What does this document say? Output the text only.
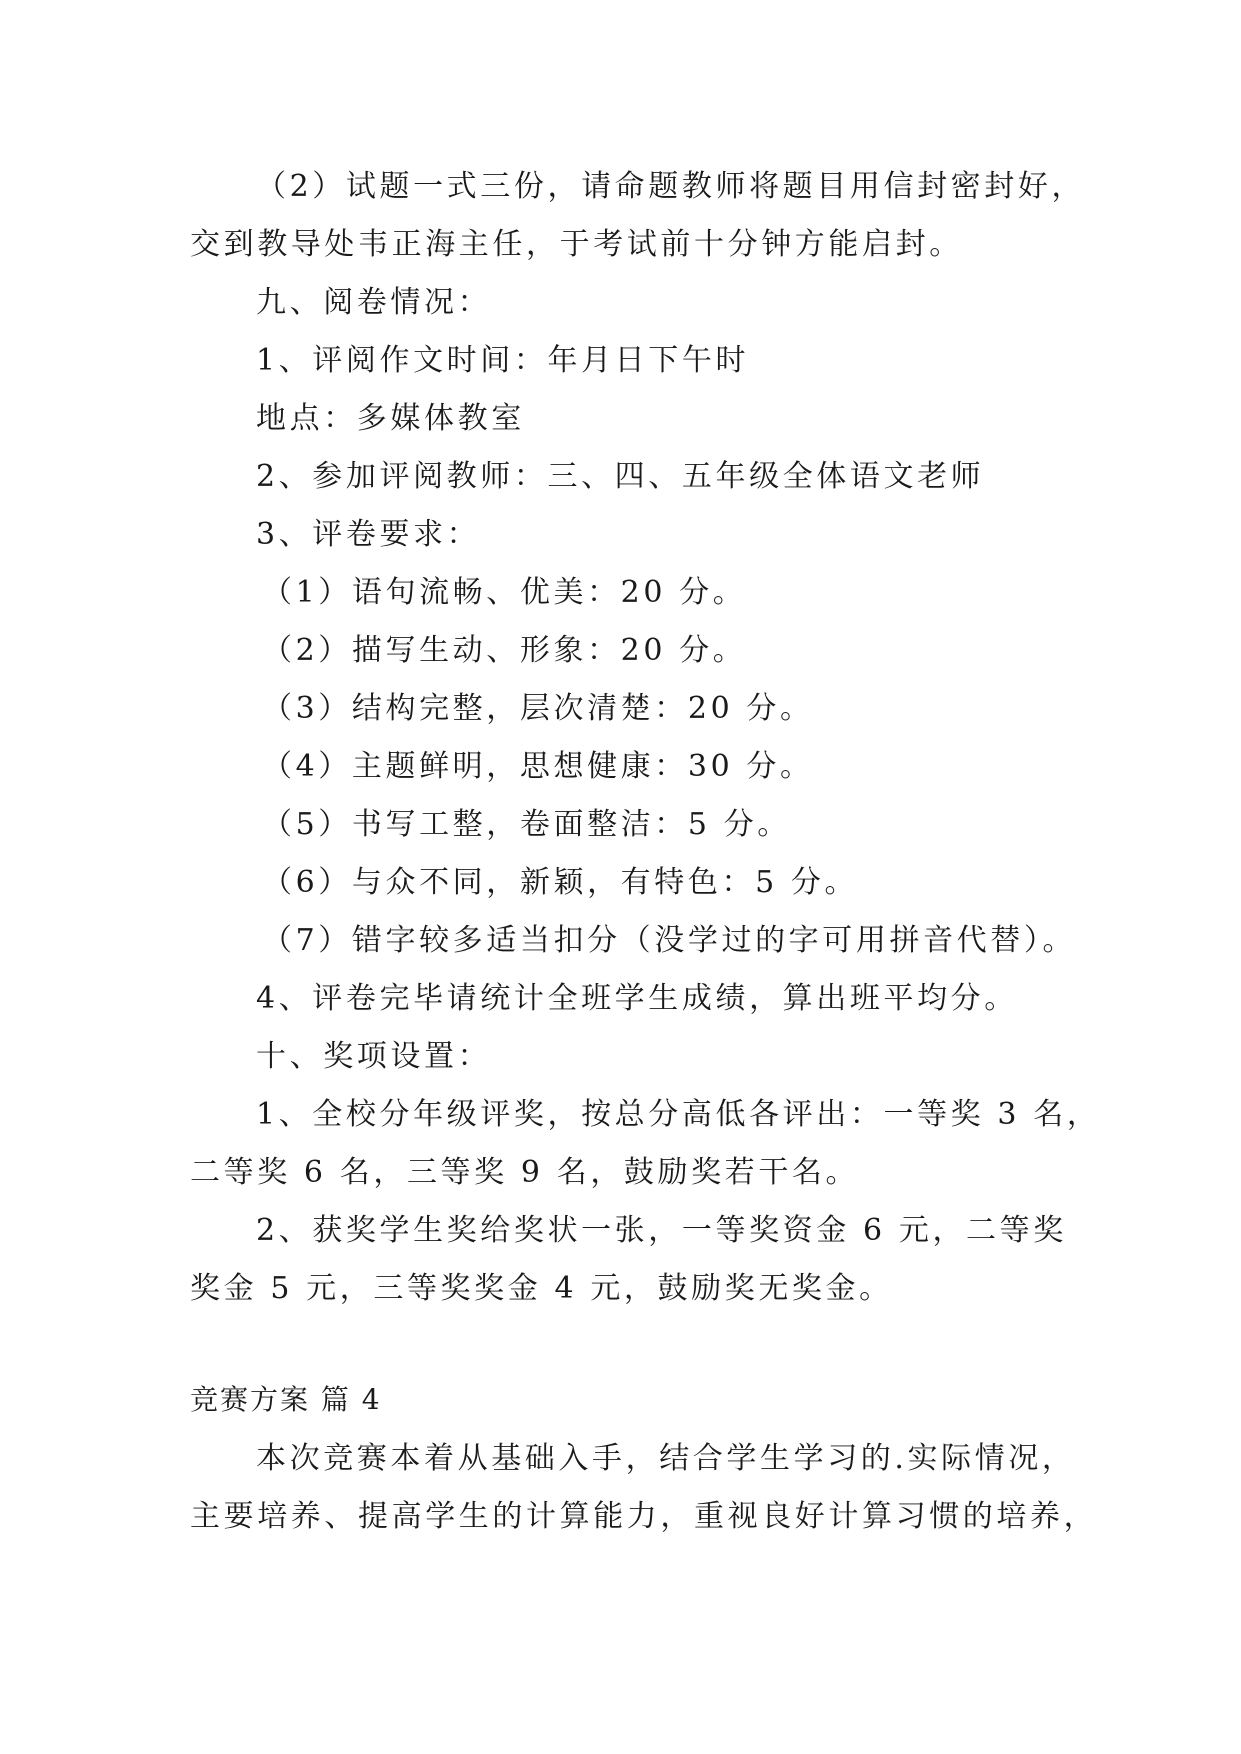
（2）试题一式三份，请命题教师将题目用信封密封好，
交到教导处韦正海主任，于考试前十分钟方能启封。
九、阅卷情况：
1、评阅作文时间：年月日下午时
地点：多媒体教室
2、参加评阅教师：三、四、五年级全体语文老师
3、评卷要求：
（1）语句流畅、优美：20 分。
（2）描写生动、形象：20 分。
（3）结构完整，层次清楚：20 分。
（4）主题鲜明，思想健康：30 分。
（5）书写工整，卷面整洁：5 分。
（6）与众不同，新颖，有特色：5 分。
（7）错字较多适当扣分（没学过的字可用拼音代替）。
4、评卷完毕请统计全班学生成绩，算出班平均分。
十、奖项设置：
1、全校分年级评奖，按总分高低各评出：一等奖 3 名，
二等奖 6 名，三等奖 9 名，鼓励奖若干名。
2、获奖学生奖给奖状一张，一等奖资金 6 元，二等奖
奖金 5 元，三等奖奖金 4 元，鼓励奖无奖金。
竞赛方案 篇 4
本次竞赛本着从基础入手，结合学生学习的.实际情况，
主要培养、提高学生的计算能力，重视良好计算习惯的培养，
